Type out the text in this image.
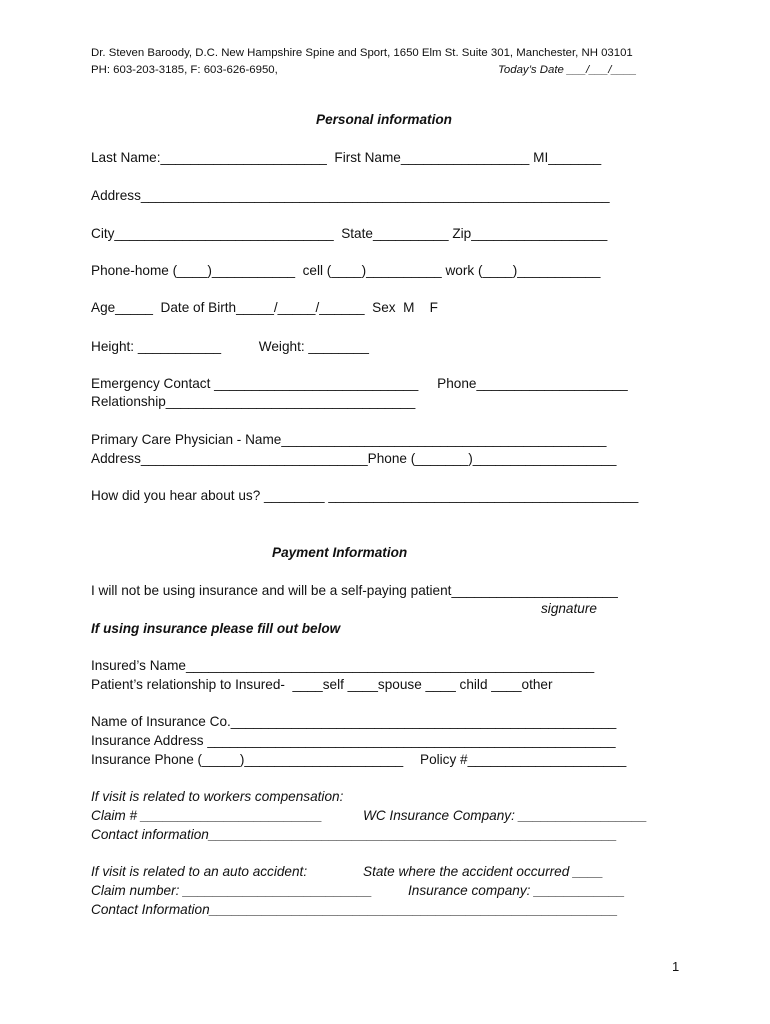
Dr. Steven Baroody, D.C. New Hampshire Spine and Sport, 1650 Elm St. Suite 301, Manchester, NH 03101
PH: 603-203-3185, F: 603-626-6950,	Today’s Date ___/___/____
Personal information
Last Name:______________________  First Name_________________ MI_______
Address______________________________________________________________
City_____________________________  State__________ Zip__________________
Phone-home (____)___________  cell (____)__________ work (____)___________
Age_____  Date of Birth_____/_____/______  Sex  M    F
Height: ___________          Weight: ________
Emergency Contact ___________________________     Phone____________________
Relationship_________________________________
Primary Care Physician - Name___________________________________________
Address______________________________Phone (_______)___________________
How did you hear about us? ________ _________________________________________
Payment Information
I will not be using insurance and will be a self-paying patient______________________
signature
If using insurance please fill out below
Insured’s Name______________________________________________________
Patient’s relationship to Insured-  ____self ____spouse ____ child ____other
Name of Insurance Co.___________________________________________________
Insurance Address ______________________________________________________
Insurance Phone (_____)_____________________ Policy #_____________________
If visit is related to workers compensation:
Claim # ________________________	WC Insurance Company: _________________
Contact information______________________________________________________
If visit is related to an auto accident:	State where the accident occurred ____
Claim number: _________________________	Insurance company: ____________
Contact Information______________________________________________________
1
